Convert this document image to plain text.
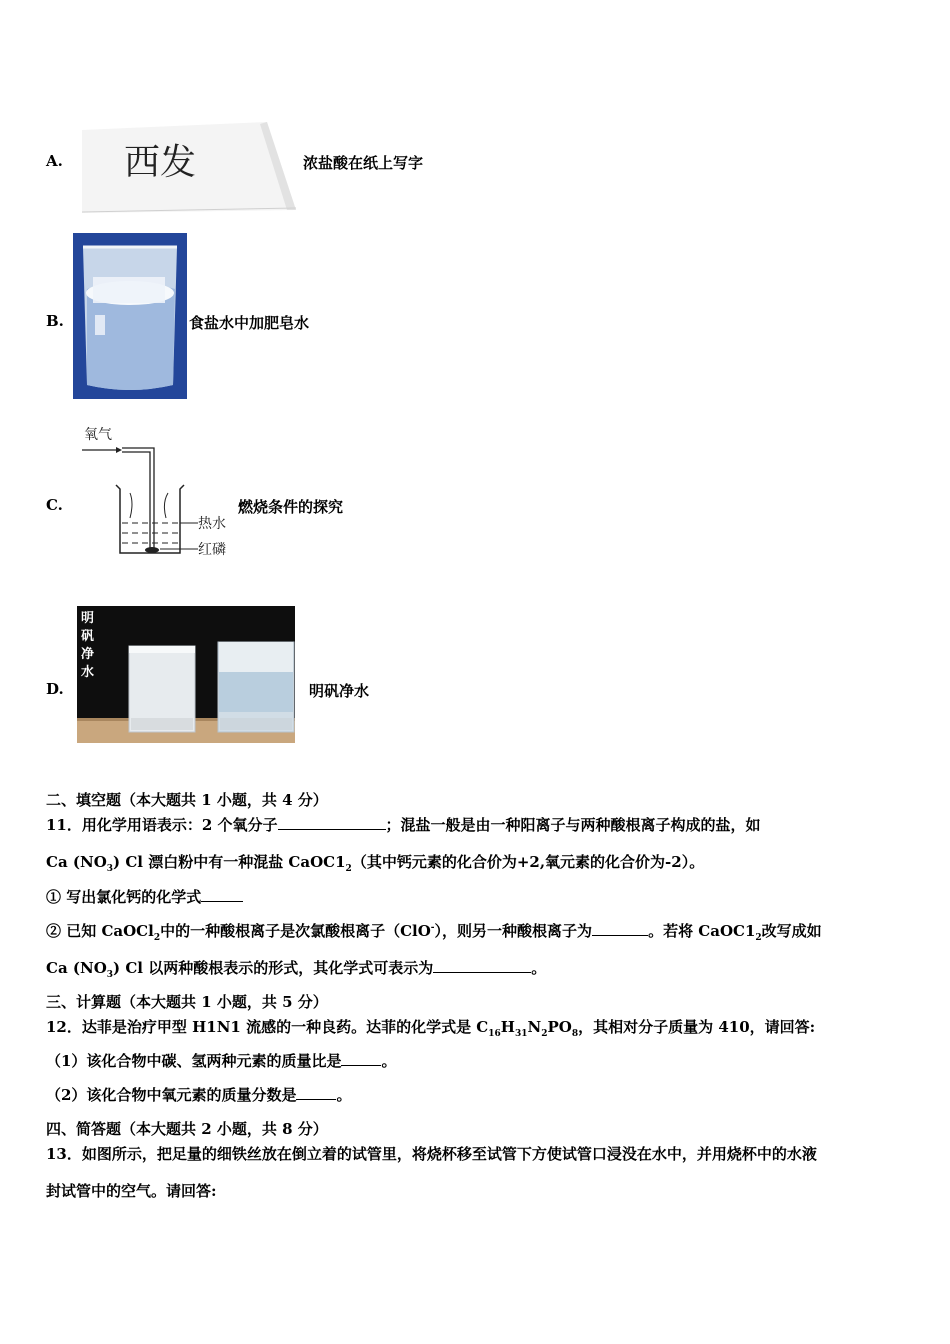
A. 西发	浓盐酸在纸上写字
B.	食盐水中加肥皂水
C.
氧气
热水
红磷
燃烧条件的探究
D.
明
矾
净
水
明矾净水
二、填空题（本大题共 1 小题，共 4 分）
11．用化学用语表示：2 个氧分子	；混盐一般是由一种阳离子与两种酸根离子构成的盐，如
Ca $(NO_3)$ Cl 漂白粉中有一种混盐 $CaOC1_2$（其中钙元素的化合价为+2,氧元素的化合价为-2）。
① 写出氯化钙的化学式
② 已知 CaOCl$_2$中的一种酸根离子是次氯酸根离子（ClO-），则另一种酸根离子为	。若将 $CaOC1_2$改写成如
Ca $(NO_3)$ Cl 以两种酸根表示的形式，其化学式可表示为	。
三、计算题（本大题共 1 小题，共 5 分）
12．达菲是治疗甲型 H1N1 流感的一种良药。达菲的化学式是 $C_{16}H_{31}N_2PO_8$，其相对分子质量为 410，请回答:
（1）该化合物中碳、氢两种元素的质量比是	。
（2）该化合物中氧元素的质量分数是	。
四、简答题（本大题共 2 小题，共 8 分）
13．如图所示，把足量的细铁丝放在倒立着的试管里，将烧杯移至试管下方使试管口浸没在水中，并用烧杯中的水液
封试管中的空气。请回答:
